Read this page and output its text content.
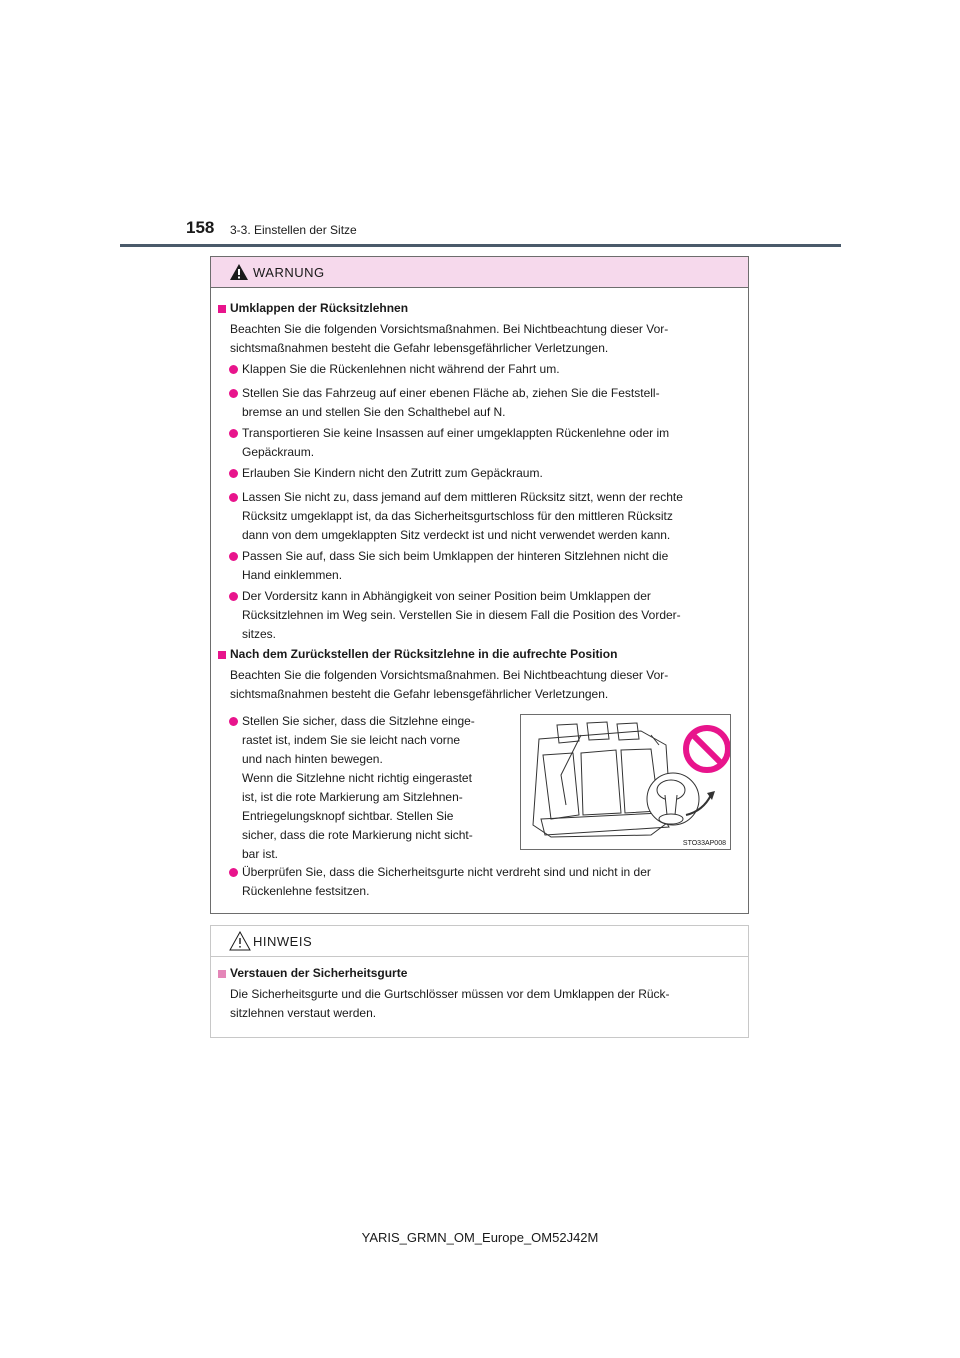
158 3-3. Einstellen der Sitze
WARNUNG
Umklappen der Rücksitzlehnen
Beachten Sie die folgenden Vorsichtsmaßnahmen. Bei Nichtbeachtung dieser Vor-
sichtsmaßnahmen besteht die Gefahr lebensgefährlicher Verletzungen.
Klappen Sie die Rückenlehnen nicht während der Fahrt um.
Stellen Sie das Fahrzeug auf einer ebenen Fläche ab, ziehen Sie die Feststell-
bremse an und stellen Sie den Schalthebel auf N.
Transportieren Sie keine Insassen auf einer umgeklappten Rückenlehne oder im
Gepäckraum.
Erlauben Sie Kindern nicht den Zutritt zum Gepäckraum.
Lassen Sie nicht zu, dass jemand auf dem mittleren Rücksitz sitzt, wenn der rechte
Rücksitz umgeklappt ist, da das Sicherheitsgurtschloss für den mittleren Rücksitz
dann von dem umgeklappten Sitz verdeckt ist und nicht verwendet werden kann.
Passen Sie auf, dass Sie sich beim Umklappen der hinteren Sitzlehnen nicht die
Hand einklemmen.
Der Vordersitz kann in Abhängigkeit von seiner Position beim Umklappen der
Rücksitzlehnen im Weg sein. Verstellen Sie in diesem Fall die Position des Vorder-
sitzes.
Nach dem Zurückstellen der Rücksitzlehne in die aufrechte Position
Beachten Sie die folgenden Vorsichtsmaßnahmen. Bei Nichtbeachtung dieser Vor-
sichtsmaßnahmen besteht die Gefahr lebensgefährlicher Verletzungen.
Stellen Sie sicher, dass die Sitzlehne einge-
rastet ist, indem Sie sie leicht nach vorne
und nach hinten bewegen.
Wenn die Sitzlehne nicht richtig eingerastet
ist, ist die rote Markierung am Sitzlehnen-
Entriegelungsknopf sichtbar. Stellen Sie
sicher, dass die rote Markierung nicht sicht-
bar ist.
STO33AP008
Überprüfen Sie, dass die Sicherheitsgurte nicht verdreht sind und nicht in der
Rückenlehne festsitzen.
HINWEIS
Verstauen der Sicherheitsgurte
Die Sicherheitsgurte und die Gurtschlösser müssen vor dem Umklappen der Rück-
sitzlehnen verstaut werden.
YARIS_GRMN_OM_Europe_OM52J42M
